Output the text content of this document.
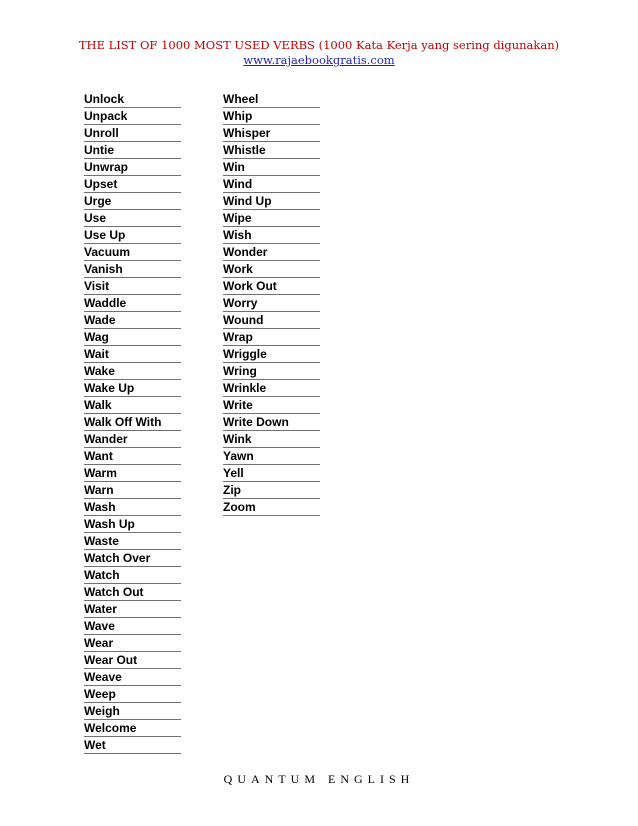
THE LIST OF 1000 MOST USED VERBS (1000 Kata Kerja yang sering digunakan)
www.rajaebookgratis.com
Unlock
Unpack
Unroll
Untie
Unwrap
Upset
Urge
Use
Use Up
Vacuum
Vanish
Visit
Waddle
Wade
Wag
Wait
Wake
Wake Up
Walk
Walk Off With
Wander
Want
Warm
Warn
Wash
Wash Up
Waste
Watch Over
Watch
Watch Out
Water
Wave
Wear
Wear Out
Weave
Weep
Weigh
Welcome
Wet
Wheel
Whip
Whisper
Whistle
Win
Wind
Wind Up
Wipe
Wish
Wonder
Work
Work Out
Worry
Wound
Wrap
Wriggle
Wring
Wrinkle
Write
Write Down
Wink
Yawn
Yell
Zip
Zoom
QUANTUM ENGLISH
